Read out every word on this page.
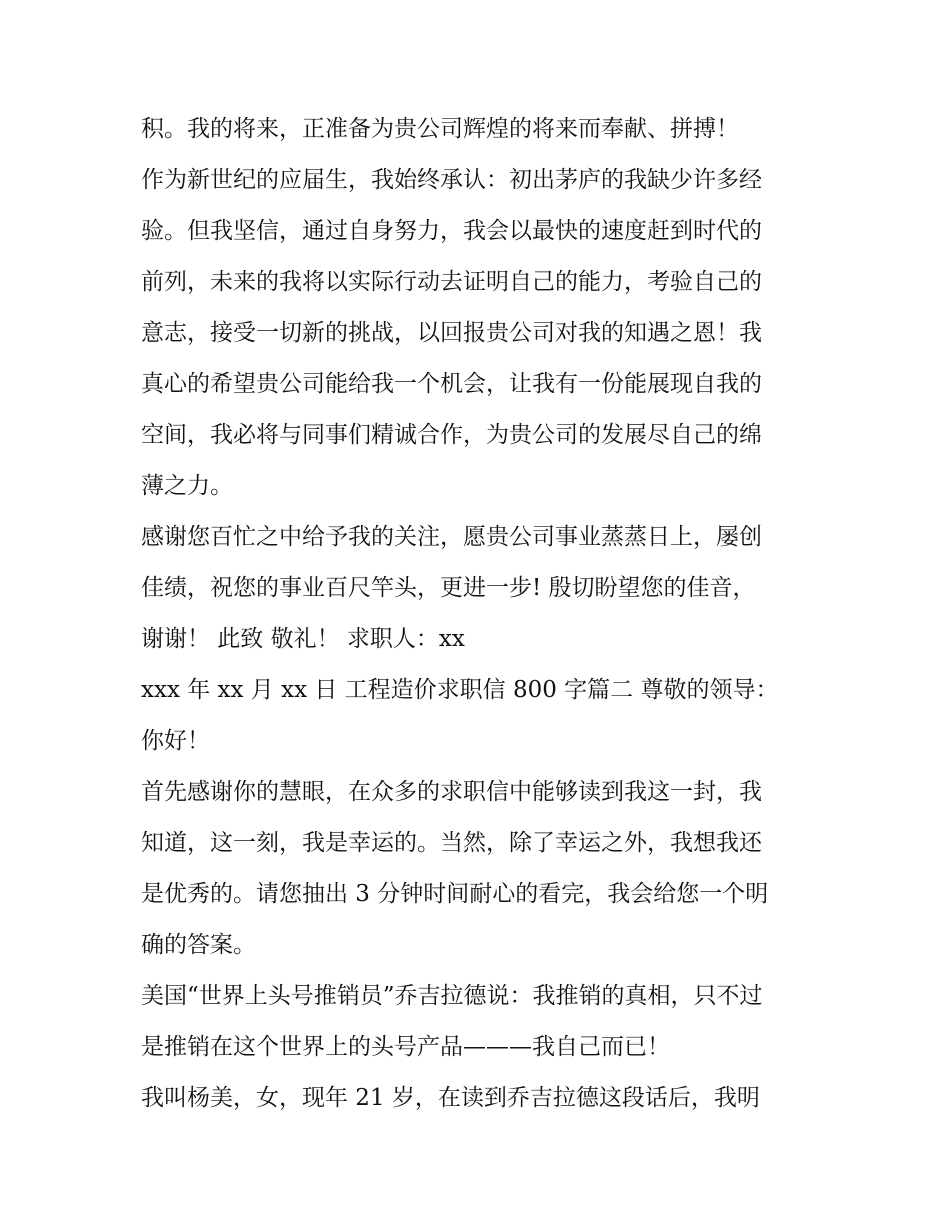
积。我的将来，正准备为贵公司辉煌的将来而奉献、拼搏！
作为新世纪的应届生，我始终承认：初出茅庐的我缺少许多经
验。但我坚信，通过自身努力，我会以最快的速度赶到时代的
前列，未来的我将以实际行动去证明自己的能力，考验自己的
意志，接受一切新的挑战，以回报贵公司对我的知遇之恩！我
真心的希望贵公司能给我一个机会，让我有一份能展现自我的
空间，我必将与同事们精诚合作，为贵公司的发展尽自己的绵
薄之力。
感谢您百忙之中给予我的关注，愿贵公司事业蒸蒸日上，屡创
佳绩，祝您的事业百尺竿头，更进一步! 殷切盼望您的佳音，
谢谢！ 此致 敬礼！ 求职人：xx
xxx 年 xx 月 xx 日 工程造价求职信 800 字篇二 尊敬的领导：
你好！
首先感谢你的慧眼，在众多的求职信中能够读到我这一封，我
知道，这一刻，我是幸运的。当然，除了幸运之外，我想我还
是优秀的。请您抽出 3 分钟时间耐心的看完，我会给您一个明
确的答案。
美国“世界上头号推销员”乔吉拉德说：我推销的真相，只不过
是推销在这个世界上的头号产品———我自己而已！
我叫杨美，女，现年 21 岁，在读到乔吉拉德这段话后，我明
